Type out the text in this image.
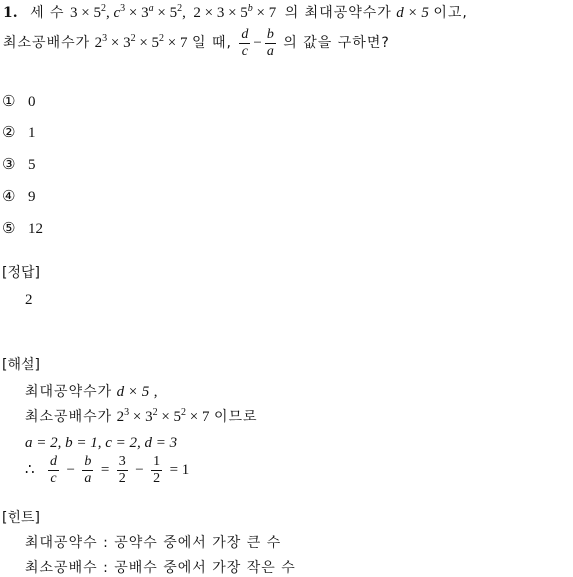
1. 세 수 $3 \times 5^2$, $c^3 \times 3^a \times 5^2$,  $2 \times 3 \times 5^b \times 7$ 의 최대공약수가 d × 5 이고,
최소공배수가 $2^3 \times 3^2 \times 5^2 \times 7$ 일 때, $\frac{d}{c} - \frac{b}{a}$ 의 값을 구하면?
① 0
② 1
③ 5
④ 9
⑤ 12
[정답]
2
[해설]
최대공약수가 d × 5 ,
최소공배수가 $2^3 \times 3^2 \times 5^2 \times 7$ 이므로
a = 2, b = 1, c = 2, d = 3
∴ $\frac{d}{c} - \frac{b}{a} = \frac{3}{2} - \frac{1}{2} = 1$
[힌트]
최대공약수 : 공약수 중에서 가장 큰 수
최소공배수 : 공배수 중에서 가장 작은 수
